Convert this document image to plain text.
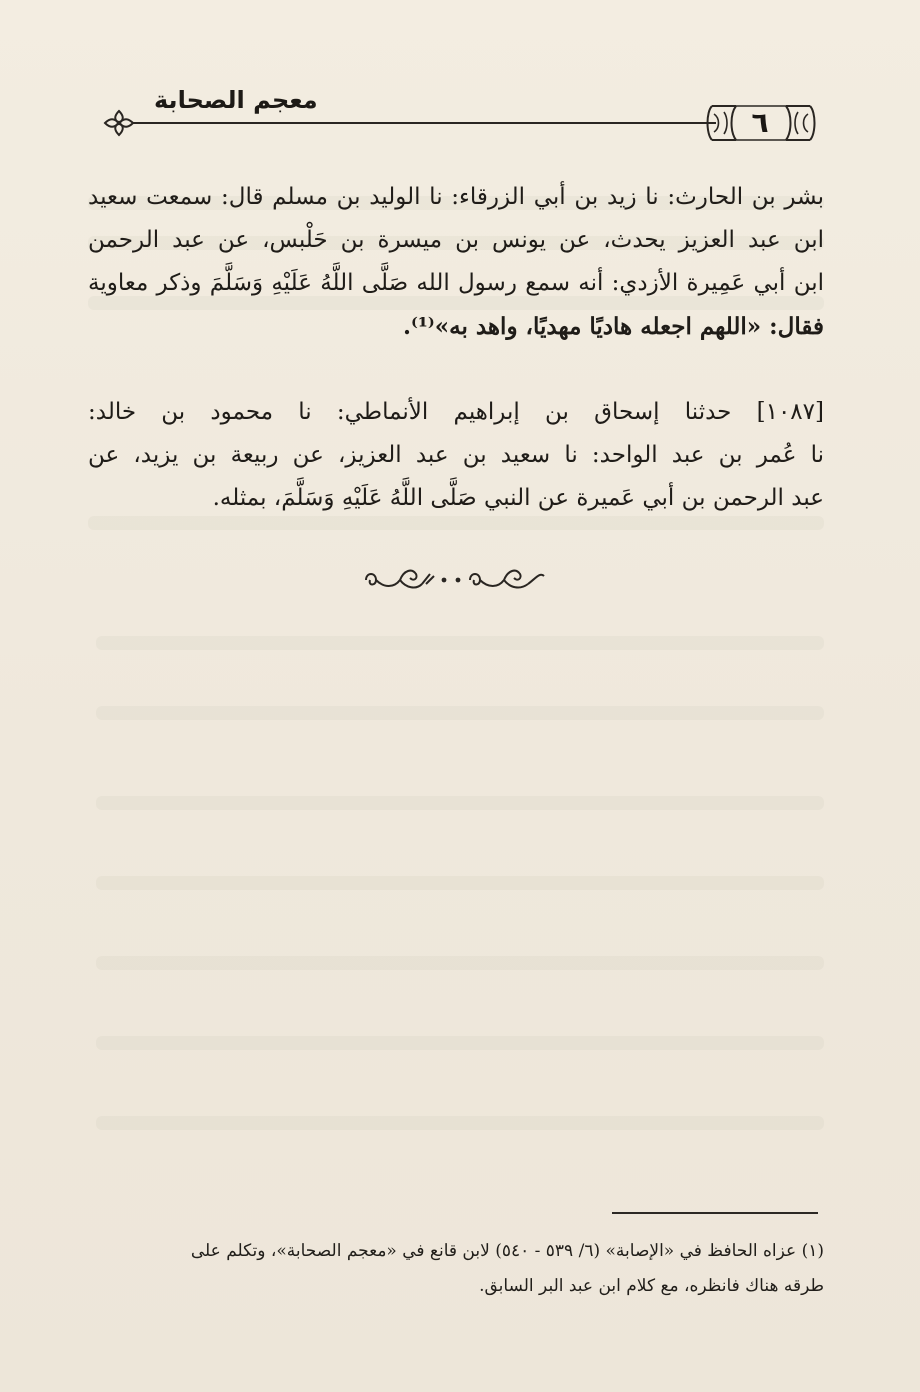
معجم الصحابة
٦
بشر بن الحارث: نا زيد بن أبي الزرقاء: نا الوليد بن مسلم قال: سمعت سعيد
ابن عبد العزيز يحدث، عن يونس بن ميسرة بن حَلْبس، عن عبد الرحمن
ابن أبي عَمِيرة الأزدي: أنه سمع رسول الله صَلَّى اللَّهُ عَلَيْهِ وَسَلَّمَ وذكر معاوية
فقال: «اللهم اجعله هاديًا مهديًا، واهد به»⁽¹⁾.
[١٠٨٧] حدثنا إسحاق بن إبراهيم الأنماطي: نا محمود بن خالد:
نا عُمر بن عبد الواحد: نا سعيد بن عبد العزيز، عن ربيعة بن يزيد، عن
عبد الرحمن بن أبي عَميرة عن النبي صَلَّى اللَّهُ عَلَيْهِ وَسَلَّمَ، بمثله.
(١) عزاه الحافظ في «الإصابة» (٦/ ٥٣٩ - ٥٤٠) لابن قانع في «معجم الصحابة»، وتكلم على
طرقه هناك فانظره، مع كلام ابن عبد البر السابق.
